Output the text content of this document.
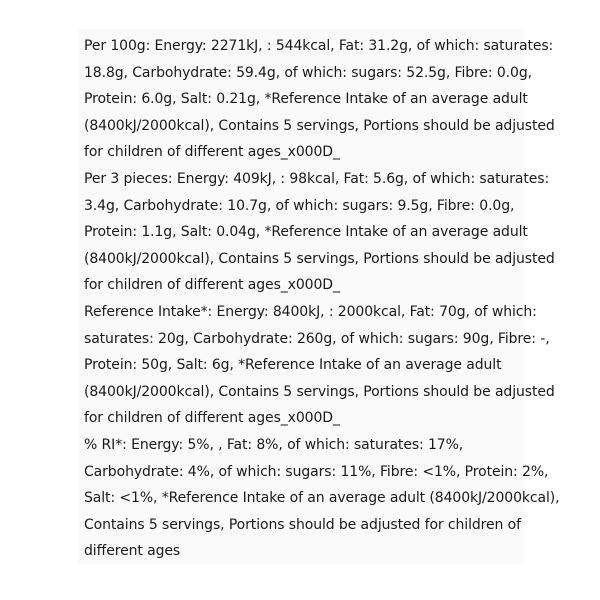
Per 100g: Energy: 2271kJ, : 544kcal, Fat: 31.2g, of which: saturates:
18.8g, Carbohydrate: 59.4g, of which: sugars: 52.5g, Fibre: 0.0g,
Protein: 6.0g, Salt: 0.21g, *Reference Intake of an average adult
(8400kJ/2000kcal), Contains 5 servings, Portions should be adjusted
for children of different ages_x000D_
Per 3 pieces: Energy: 409kJ, : 98kcal, Fat: 5.6g, of which: saturates:
3.4g, Carbohydrate: 10.7g, of which: sugars: 9.5g, Fibre: 0.0g,
Protein: 1.1g, Salt: 0.04g, *Reference Intake of an average adult
(8400kJ/2000kcal), Contains 5 servings, Portions should be adjusted
for children of different ages_x000D_
Reference Intake*: Energy: 8400kJ, : 2000kcal, Fat: 70g, of which:
saturates: 20g, Carbohydrate: 260g, of which: sugars: 90g, Fibre: -,
Protein: 50g, Salt: 6g, *Reference Intake of an average adult
(8400kJ/2000kcal), Contains 5 servings, Portions should be adjusted
for children of different ages_x000D_
% RI*: Energy: 5%, , Fat: 8%, of which: saturates: 17%,
Carbohydrate: 4%, of which: sugars: 11%, Fibre: <1%, Protein: 2%,
Salt: <1%, *Reference Intake of an average adult (8400kJ/2000kcal),
Contains 5 servings, Portions should be adjusted for children of
different ages
